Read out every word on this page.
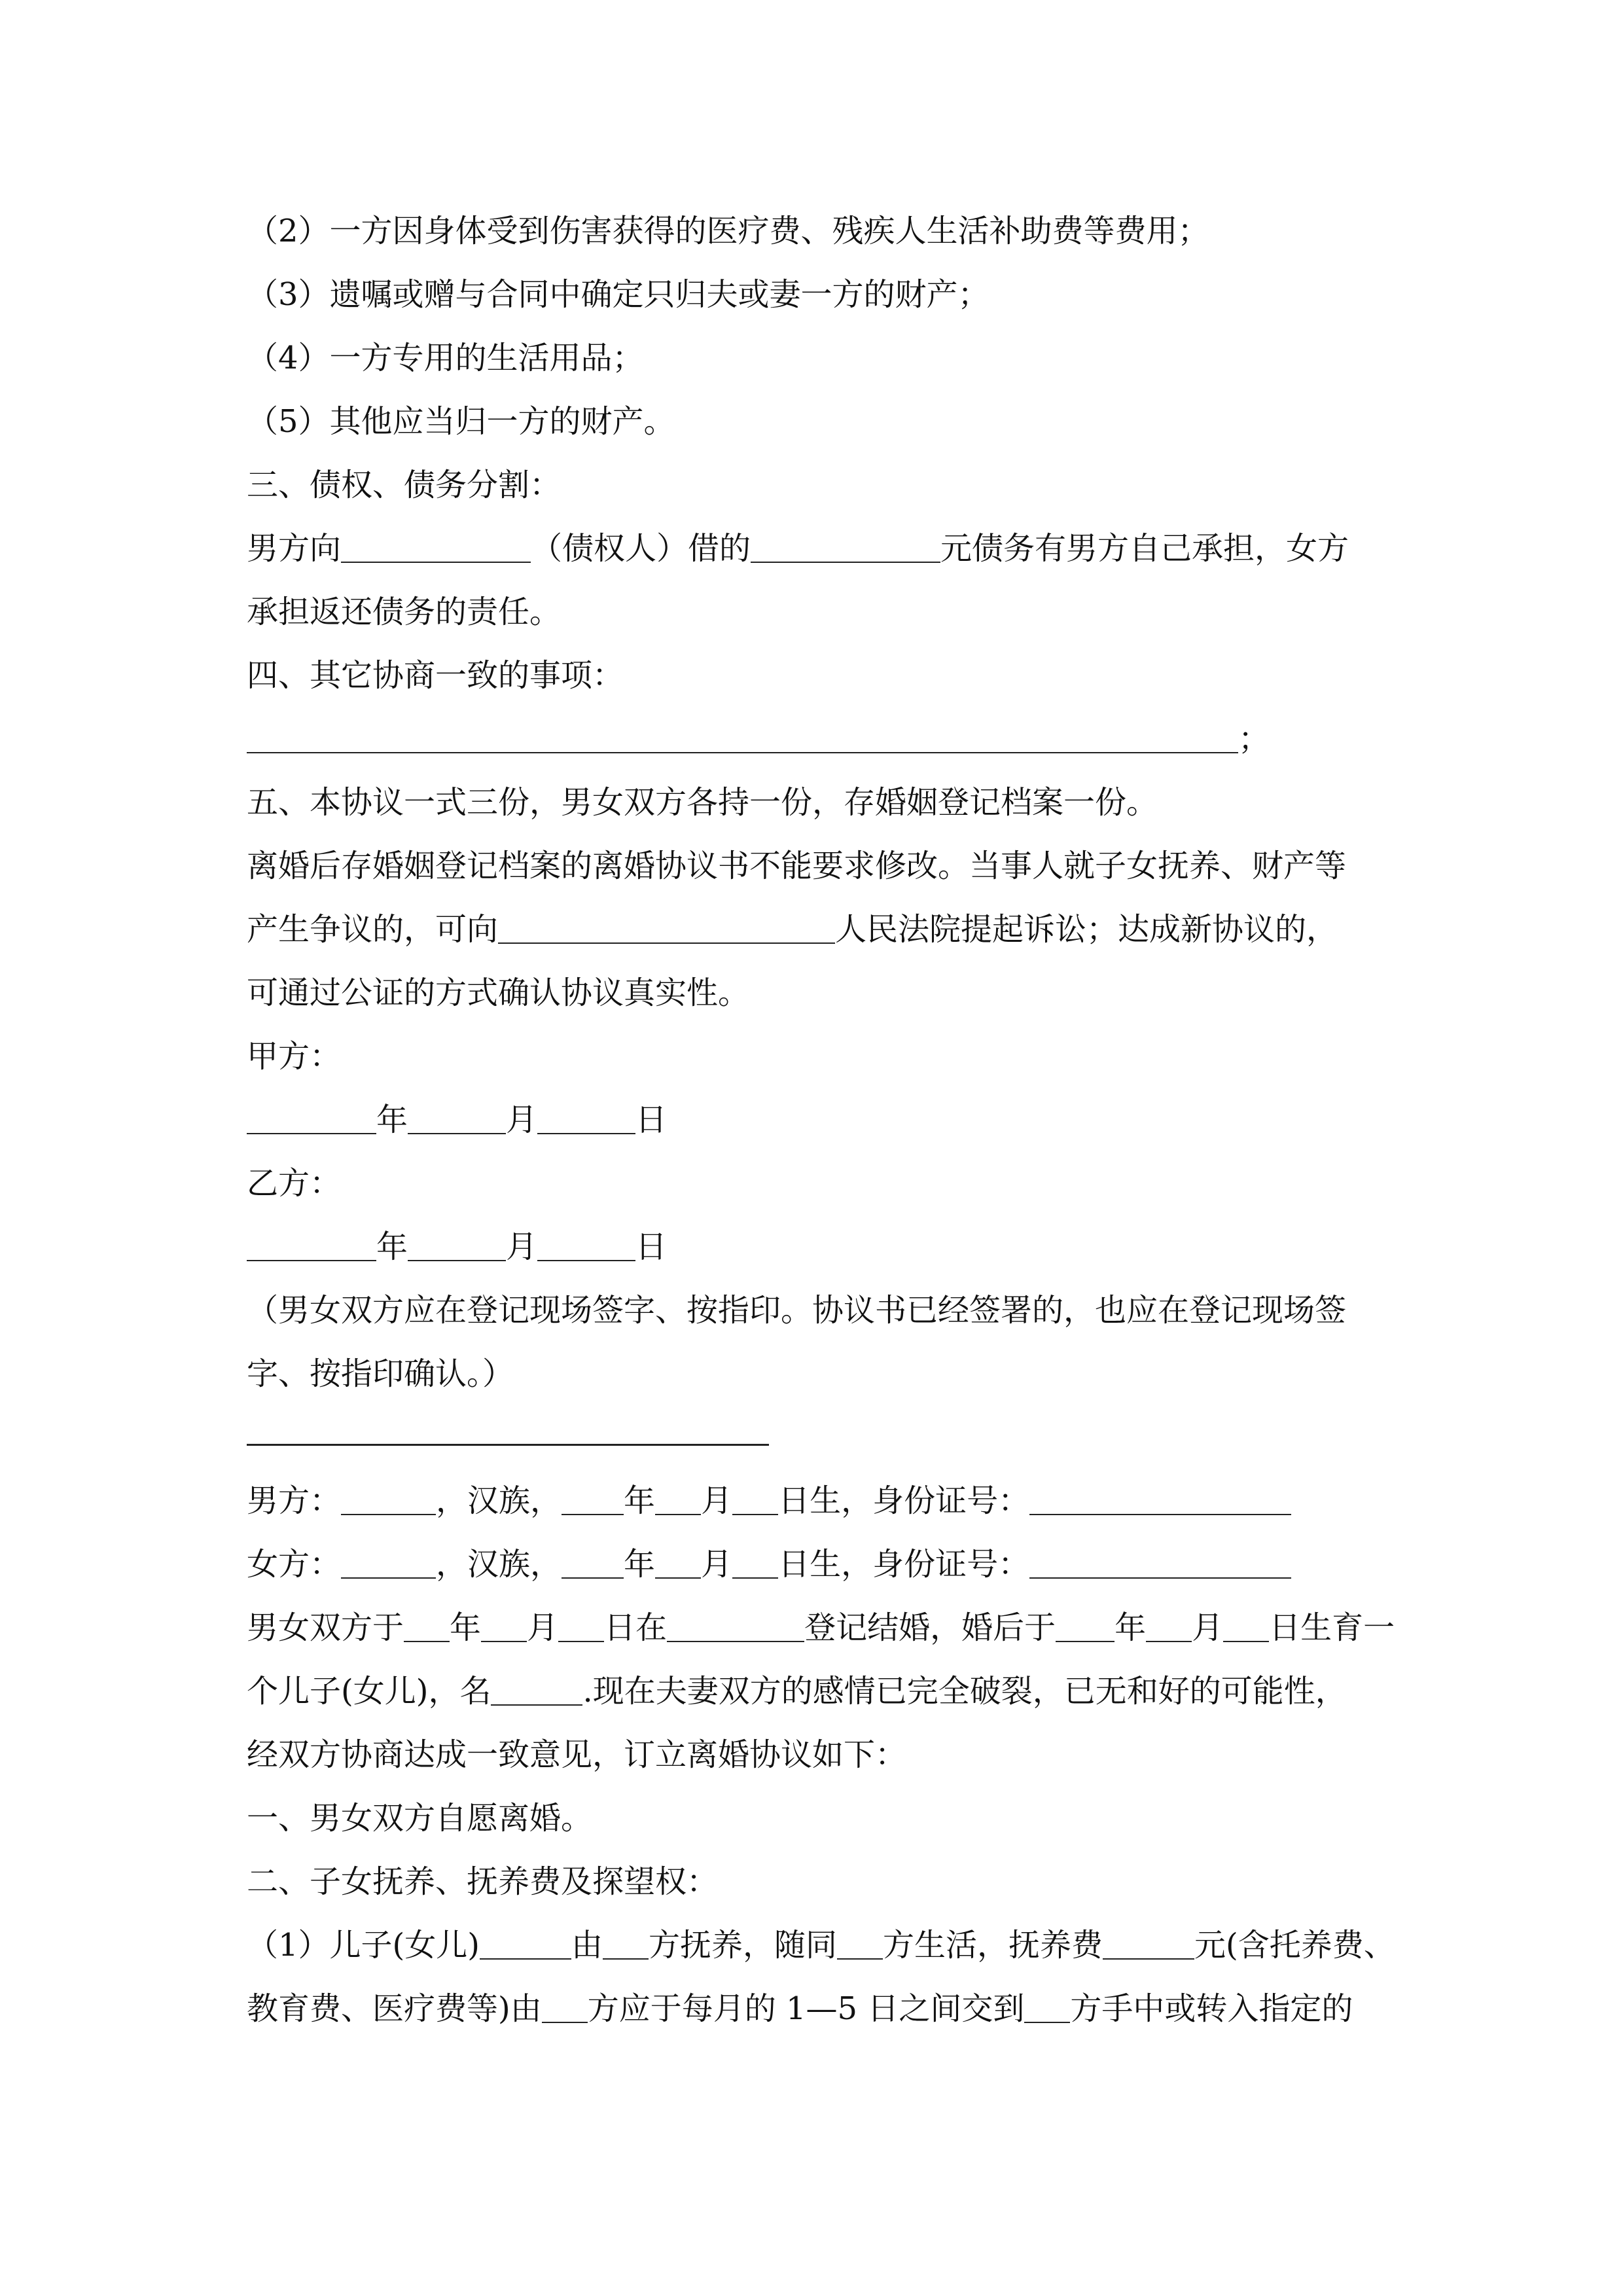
（2）一方因身体受到伤害获得的医疗费、残疾人生活补助费等费用；
（3）遗嘱或赠与合同中确定只归夫或妻一方的财产；
（4）一方专用的生活用品；
（5）其他应当归一方的财产。
三、债权、债务分割：
男方向	（债权人）借的	元债务有男方自己承担，女方
承担返还债务的责任。
四、其它协商一致的事项：
；
五、本协议一式三份，男女双方各持一份，存婚姻登记档案一份。
离婚后存婚姻登记档案的离婚协议书不能要求修改。当事人就子女抚养、财产等
产生争议的，可向	人民法院提起诉讼；达成新协议的，
可通过公证的方式确认协议真实性。
甲方：
年	月	日
乙方：
年	月	日
（男女双方应在登记现场签字、按指印。协议书已经签署的，也应在登记现场签
字、按指印确认。）
男方：	，汉族， 年 月 日生，身份证号：
女方：	，汉族， 年 月 日生，身份证号：
男女双方于 年 月 日在	登记结婚，婚后于 年 月 日生育一
个儿子(女儿)，名	.现在夫妻双方的感情已完全破裂，已无和好的可能性，
经双方协商达成一致意见，订立离婚协议如下：
一、男女双方自愿离婚。
二、子女抚养、抚养费及探望权：
（1）儿子(女儿)	由 方抚养，随同 方生活，抚养费	元(含托养费、
教育费、医疗费等)由 方应于每月的 1—5 日之间交到 方手中或转入指定的
